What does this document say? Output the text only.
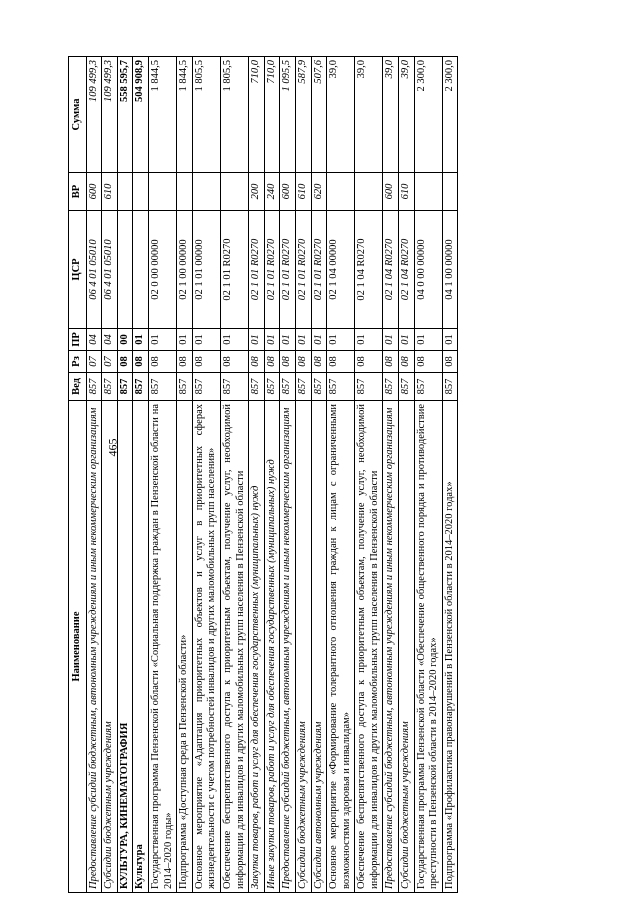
465
Наименование	Вед	Рз	ПР	ЦСР	ВР	Сумма
Предоставление субсидий бюджетным, автономным учреждениям и иным некоммерческим организациям	857	07	04	06 4 01 05010	600	109 499,3
Субсидии бюджетным учреждениям	857	07	04	06 4 01 05010	610	109 499,3
КУЛЬТУРА, КИНЕМАТОГРАФИЯ	857	08	00			558 595,7
Культура	857	08	01			504 908,9
Государственная программа Пензенской области «Социальная поддержка граждан в Пензенской области на 2014–2020 годы»	857	08	01	02 0 00 00000		1 844,5
Подпрограмма «Доступная среда в Пензенской области»	857	08	01	02 1 00 00000		1 844,5
Основное мероприятие «Адаптация приоритетных объектов и услуг в приоритетных сферах жизнедеятельности с учетом потребностей инвалидов и других маломобильных групп населения»	857	08	01	02 1 01 00000		1 805,5
Обеспечение беспрепятственного доступа к приоритетным объектам, получение услуг, необходимой информации для инвалидов и других маломобильных групп населения в Пензенской области	857	08	01	02 1 01 R0270		1 805,5
Закупка товаров, работ и услуг для обеспечения государственных (муниципальных) нужд	857	08	01	02 1 01 R0270	200	710,0
Иные закупки товаров, работ и услуг для обеспечения государственных (муниципальных) нужд	857	08	01	02 1 01 R0270	240	710,0
Предоставление субсидий бюджетным, автономным учреждениям и иным некоммерческим организациям	857	08	01	02 1 01 R0270	600	1 095,5
Субсидии бюджетным учреждениям	857	08	01	02 1 01 R0270	610	587,9
Субсидии автономным учреждениям	857	08	01	02 1 01 R0270	620	507,6
Основное мероприятие «Формирование толерантного отношения граждан к лицам с ограниченными возможностями здоровья и инвалидам»	857	08	01	02 1 04 00000		39,0
Обеспечение беспрепятственного доступа к приоритетным объектам, получение услуг, необходимой информации для инвалидов и других маломобильных групп населения в Пензенской области	857	08	01	02 1 04 R0270		39,0
Предоставление субсидий бюджетным, автономным учреждениям и иным некоммерческим организациям	857	08	01	02 1 04 R0270	600	39,0
Субсидии бюджетным учреждениям	857	08	01	02 1 04 R0270	610	39,0
Государственная программа Пензенской области «Обеспечение общественного порядка и противодействие преступности в Пензенской области в 2014–2020 годах»	857	08	01	04 0 00 00000		2 300,0
Подпрограмма «Профилактика правонарушений в Пензенской области в 2014–2020 годах»	857	08	01	04 1 00 00000		2 300,0
